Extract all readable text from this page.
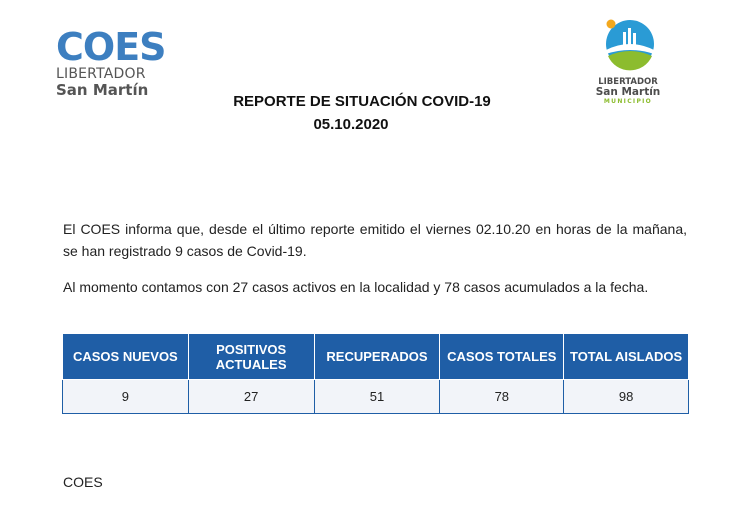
COES
LIBERTADOR
San Martín	LIBERTADOR
San Martín
MUNICIPIO
REPORTE DE SITUACIÓN COVID-19
05.10.2020

El COES informa que, desde el último reporte emitido el viernes 02.10.20 en horas de la mañana, se han registrado 9 casos de Covid-19.

Al momento contamos con 27 casos activos en la localidad y 78 casos acumulados a la fecha.

CASOS NUEVOS	POSITIVOS ACTUALES	RECUPERADOS	CASOS TOTALES	TOTAL AISLADOS
9	27	51	78	98
COES
